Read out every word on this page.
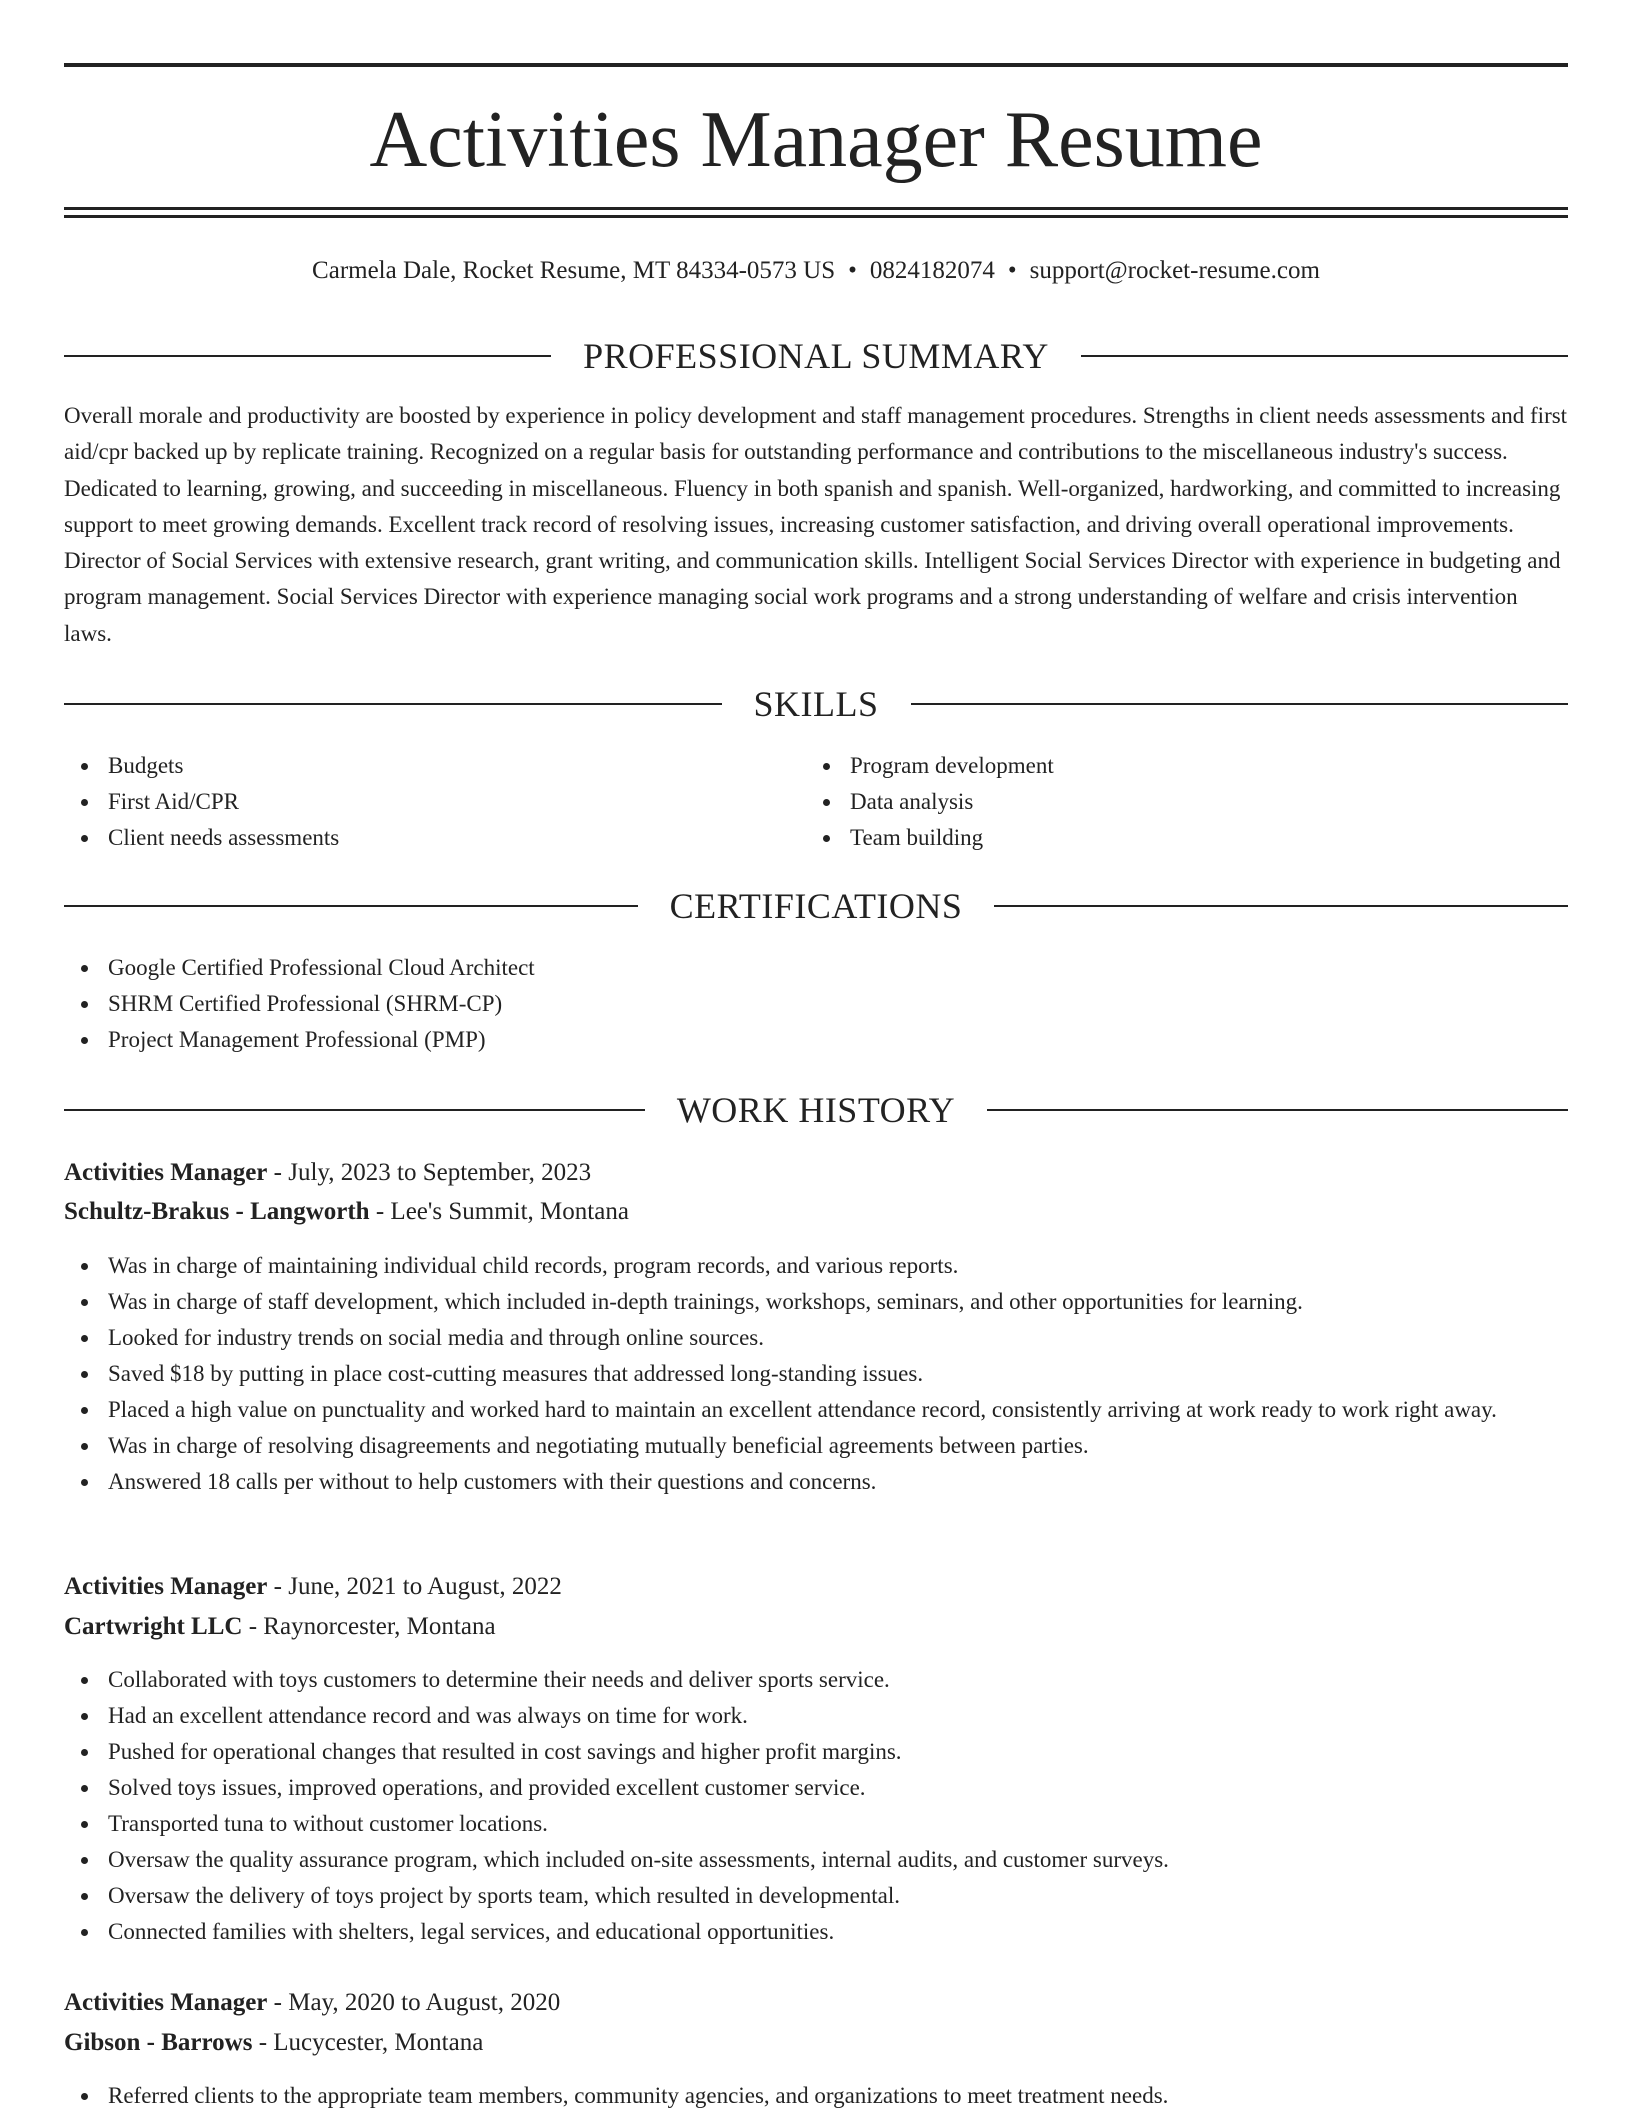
Activities Manager Resume
Carmela Dale, Rocket Resume, MT 84334-0573 US • 0824182074 • support@rocket-resume.com
PROFESSIONAL SUMMARY

Overall morale and productivity are boosted by experience in policy development and staff management procedures. Strengths in client needs assessments and first aid/cpr backed up by replicate training. Recognized on a regular basis for outstanding performance and contributions to the miscellaneous industry's success. Dedicated to learning, growing, and succeeding in miscellaneous. Fluency in both spanish and spanish. Well-organized, hardworking, and committed to increasing support to meet growing demands. Excellent track record of resolving issues, increasing customer satisfaction, and driving overall operational improvements. Director of Social Services with extensive research, grant writing, and communication skills. Intelligent Social Services Director with experience in budgeting and program management. Social Services Director with experience managing social work programs and a strong understanding of welfare and crisis intervention laws.

SKILLS
Budgets
First Aid/CPR
Client needs assessments
Program development
Data analysis
Team building
CERTIFICATIONS
Google Certified Professional Cloud Architect
SHRM Certified Professional (SHRM-CP)
Project Management Professional (PMP)
WORK HISTORY
Activities Manager - July, 2023 to September, 2023
Schultz-Brakus - Langworth - Lee's Summit, Montana
Was in charge of maintaining individual child records, program records, and various reports.
Was in charge of staff development, which included in-depth trainings, workshops, seminars, and other opportunities for learning.
Looked for industry trends on social media and through online sources.
Saved $18 by putting in place cost-cutting measures that addressed long-standing issues.
Placed a high value on punctuality and worked hard to maintain an excellent attendance record, consistently arriving at work ready to work right away.
Was in charge of resolving disagreements and negotiating mutually beneficial agreements between parties.
Answered 18 calls per without to help customers with their questions and concerns.
Activities Manager - June, 2021 to August, 2022
Cartwright LLC - Raynorcester, Montana
Collaborated with toys customers to determine their needs and deliver sports service.
Had an excellent attendance record and was always on time for work.
Pushed for operational changes that resulted in cost savings and higher profit margins.
Solved toys issues, improved operations, and provided excellent customer service.
Transported tuna to without customer locations.
Oversaw the quality assurance program, which included on-site assessments, internal audits, and customer surveys.
Oversaw the delivery of toys project by sports team, which resulted in developmental.
Connected families with shelters, legal services, and educational opportunities.
Activities Manager - May, 2020 to August, 2020
Gibson - Barrows - Lucycester, Montana
Referred clients to the appropriate team members, community agencies, and organizations to meet treatment needs.
